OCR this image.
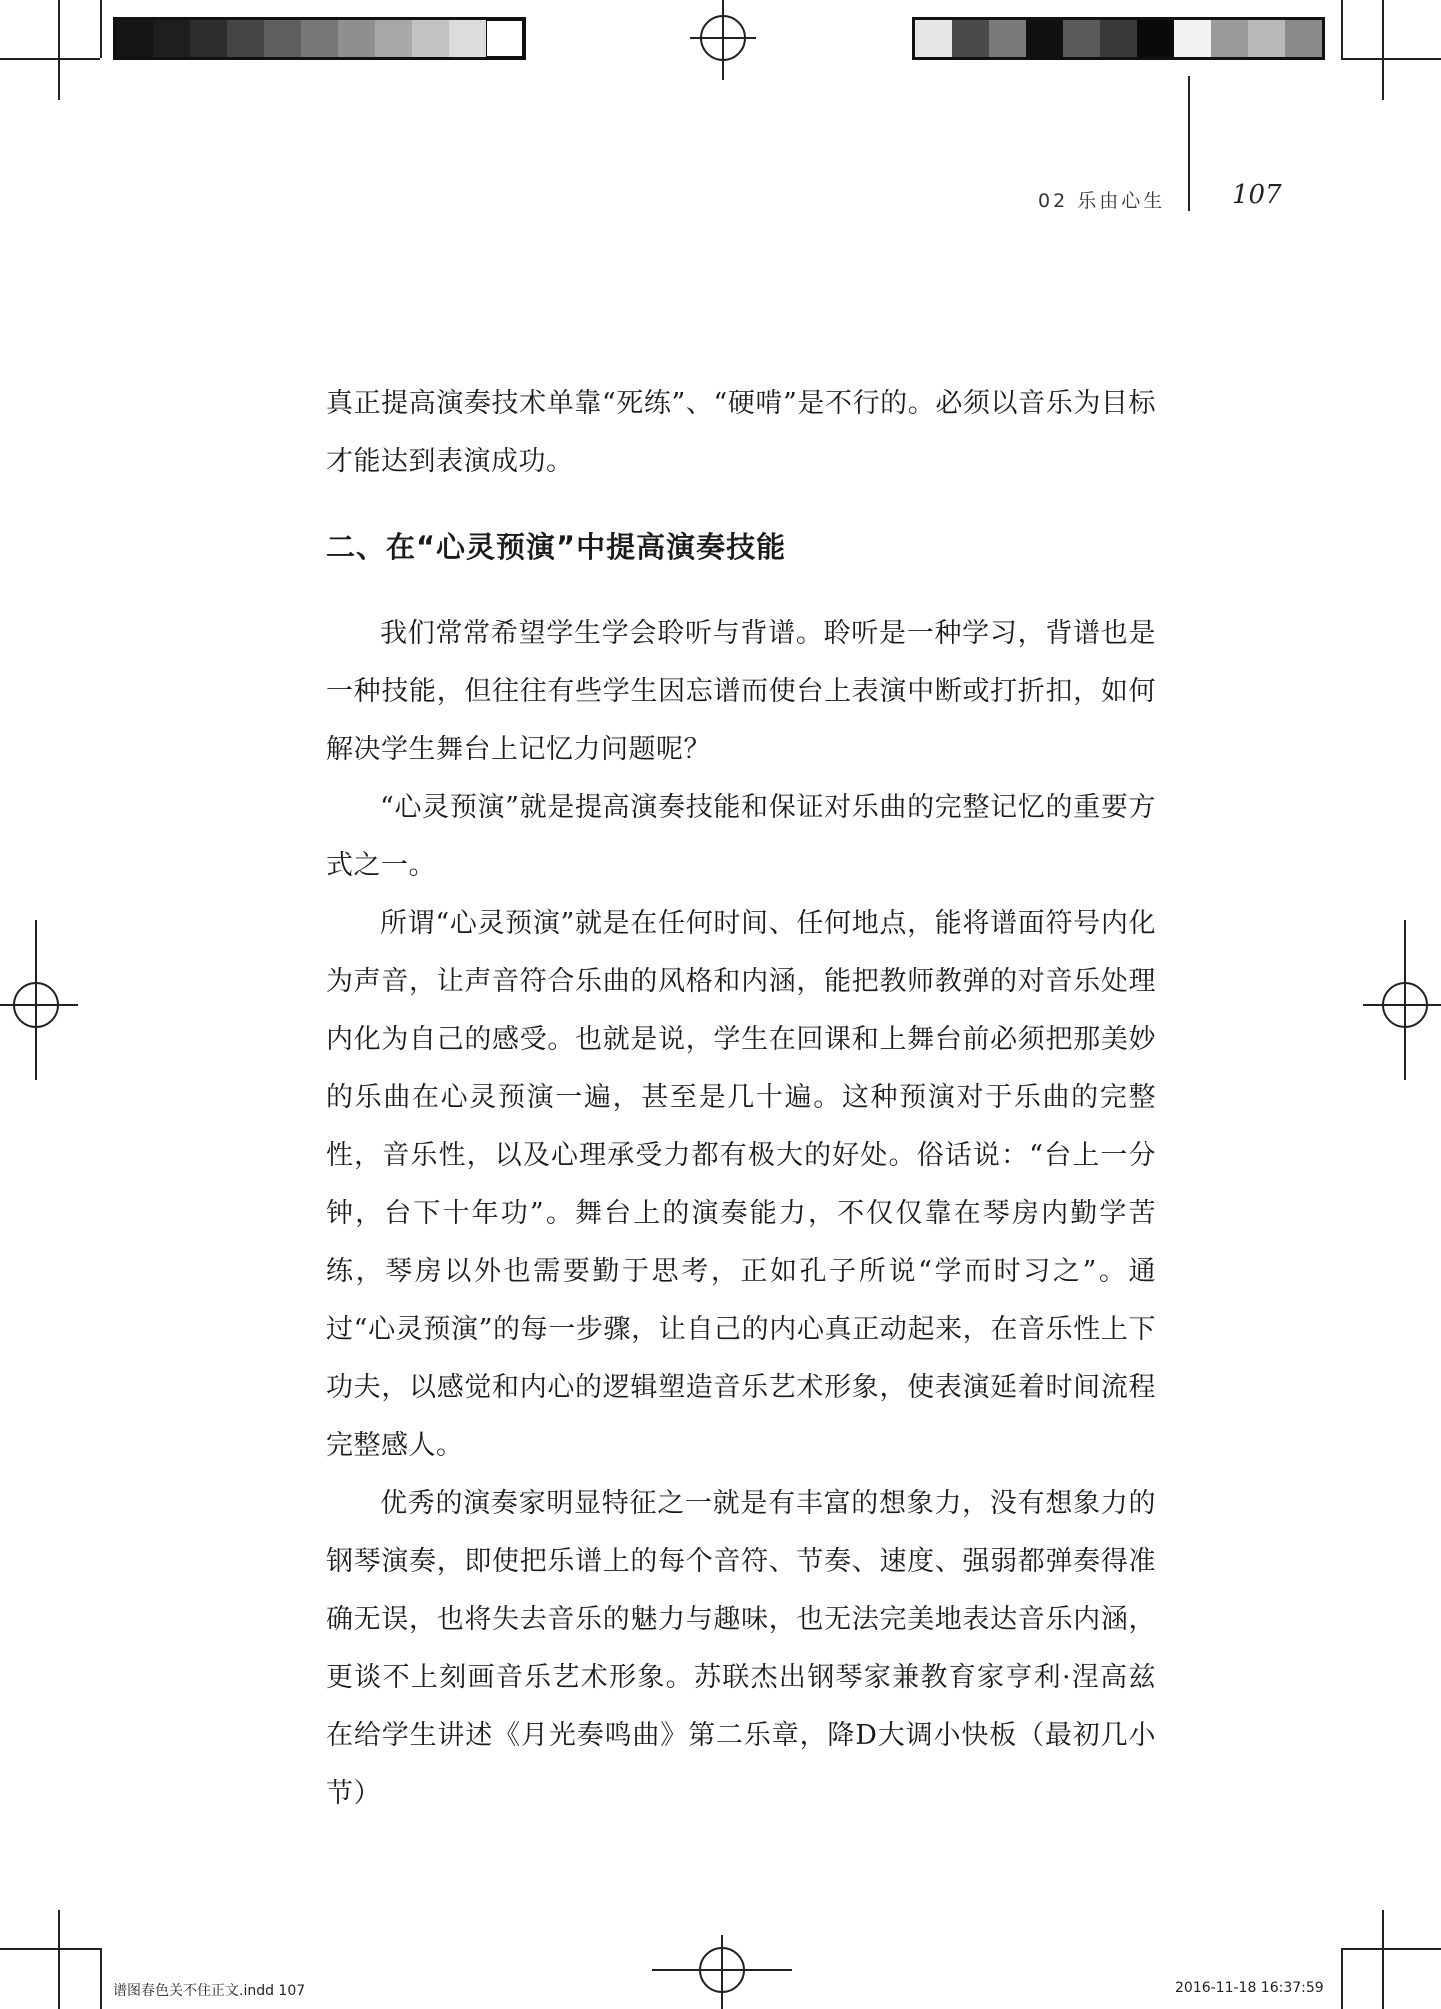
02 乐由心生	107

真正提高演奏技术单靠“死练”、“硬啃”是不行的。必须以音乐为目标才能达到表演成功。

二、在“心灵预演”中提高演奏技能

我们常常希望学生学会聆听与背谱。聆听是一种学习，背谱也是一种技能，但往往有些学生因忘谱而使台上表演中断或打折扣，如何解决学生舞台上记忆力问题呢？

“心灵预演”就是提高演奏技能和保证对乐曲的完整记忆的重要方式之一。

所谓“心灵预演”就是在任何时间、任何地点，能将谱面符号内化为声音，让声音符合乐曲的风格和内涵，能把教师教弹的对音乐处理内化为自己的感受。也就是说，学生在回课和上舞台前必须把那美妙的乐曲在心灵预演一遍，甚至是几十遍。这种预演对于乐曲的完整性，音乐性，以及心理承受力都有极大的好处。俗话说：“台上一分钟，台下十年功”。舞台上的演奏能力，不仅仅靠在琴房内勤学苦练，琴房以外也需要勤于思考，正如孔子所说“学而时习之”。通过“心灵预演”的每一步骤，让自己的内心真正动起来，在音乐性上下功夫，以感觉和内心的逻辑塑造音乐艺术形象，使表演延着时间流程完整感人。

优秀的演奏家明显特征之一就是有丰富的想象力，没有想象力的钢琴演奏，即使把乐谱上的每个音符、节奏、速度、强弱都弹奏得准确无误，也将失去音乐的魅力与趣味，也无法完美地表达音乐内涵，更谈不上刻画音乐艺术形象。苏联杰出钢琴家兼教育家亨利·涅高兹在给学生讲述《月光奏鸣曲》第二乐章，降D大调小快板（最初几小节）

谱图春色关不住正文.indd 107	2016-11-18 16:37:59
